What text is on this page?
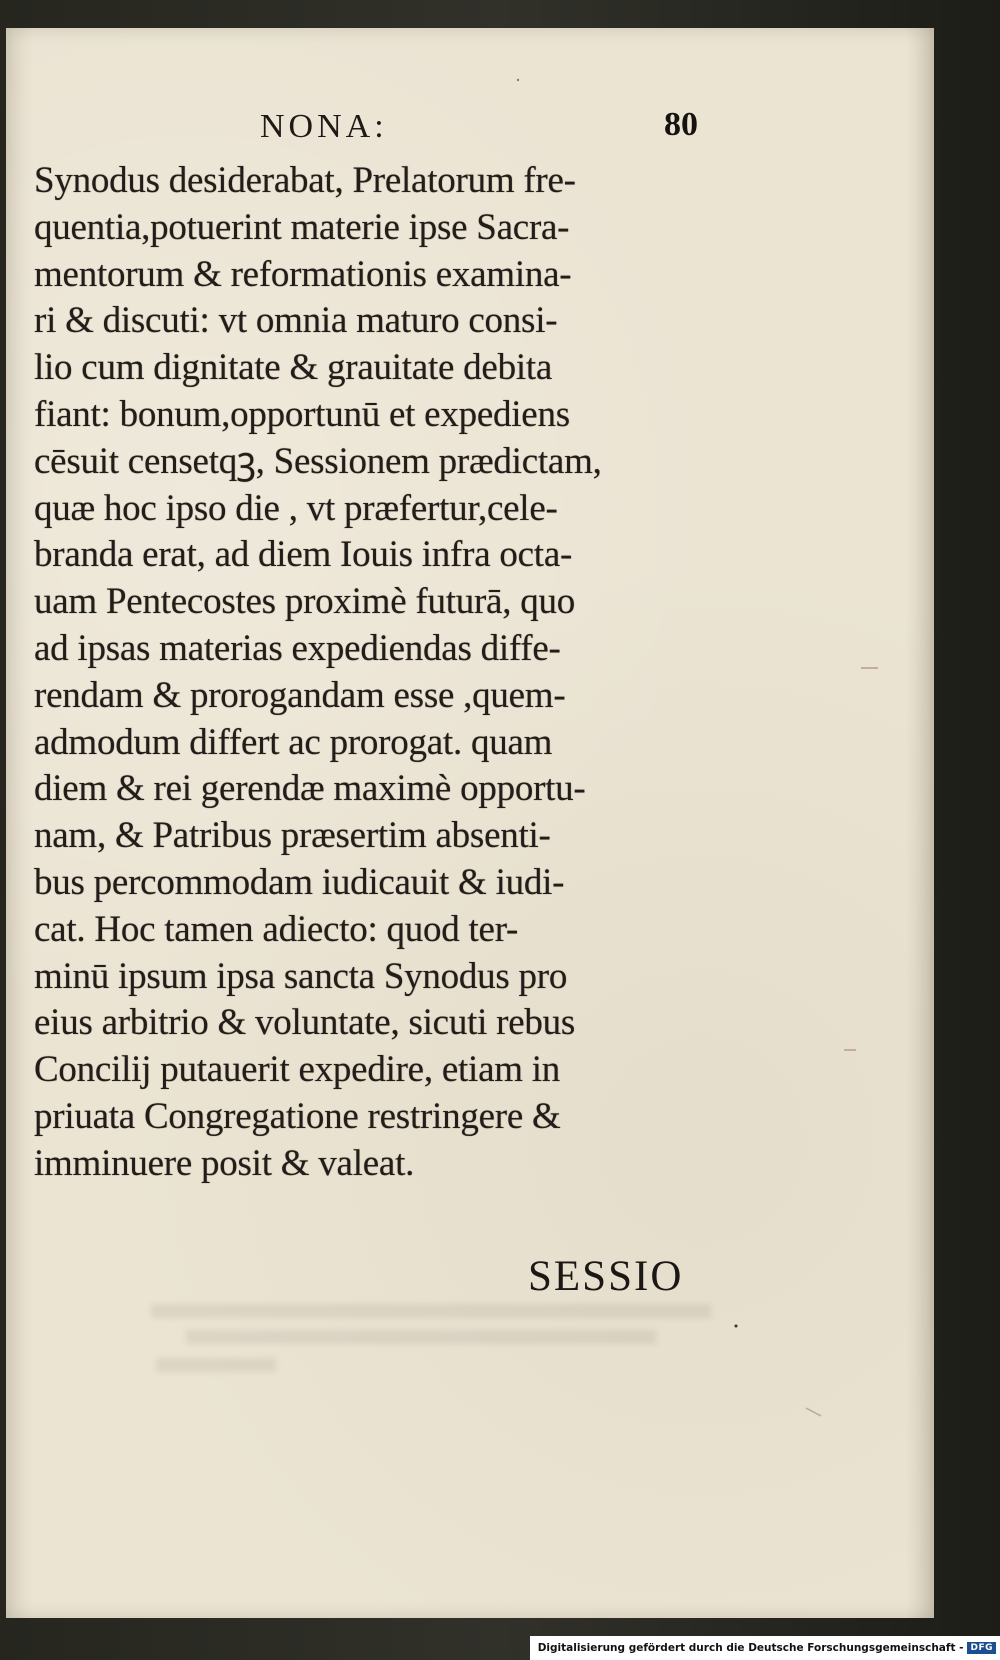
NONA:	80
Synodus desiderabat, Prelatorum fre-
quentia,potuerint materie ipse Sacra-
mentorum & reformationis examina-
ri & discuti: vt omnia maturo consi-
lio cum dignitate & grauitate debita
fiant: bonum,opportunū et expediens
cēsuit censetqꝫ, Sessionem prædictam,
quæ hoc ipso die , vt præfertur,cele-
branda erat, ad diem Iouis infra octa-
uam Pentecostes proximè futurā, quo
ad ipsas materias expediendas diffe-
rendam & prorogandam esse ,quem-
admodum differt ac prorogat. quam
diem & rei gerendæ maximè opportu-
nam, & Patribus præsertim absenti-
bus percommodam iudicauit & iudi-
cat. Hoc tamen adiecto: quod ter-
minū ipsum ipsa sancta Synodus pro
eius arbitrio & voluntate, sicuti rebus
Concilij putauerit expedire, etiam in
priuata Congregatione restringere &
imminuere posit & valeat.
SESSIO
Digitalisierung gefördert durch die Deutsche Forschungsgemeinschaft - DFG
